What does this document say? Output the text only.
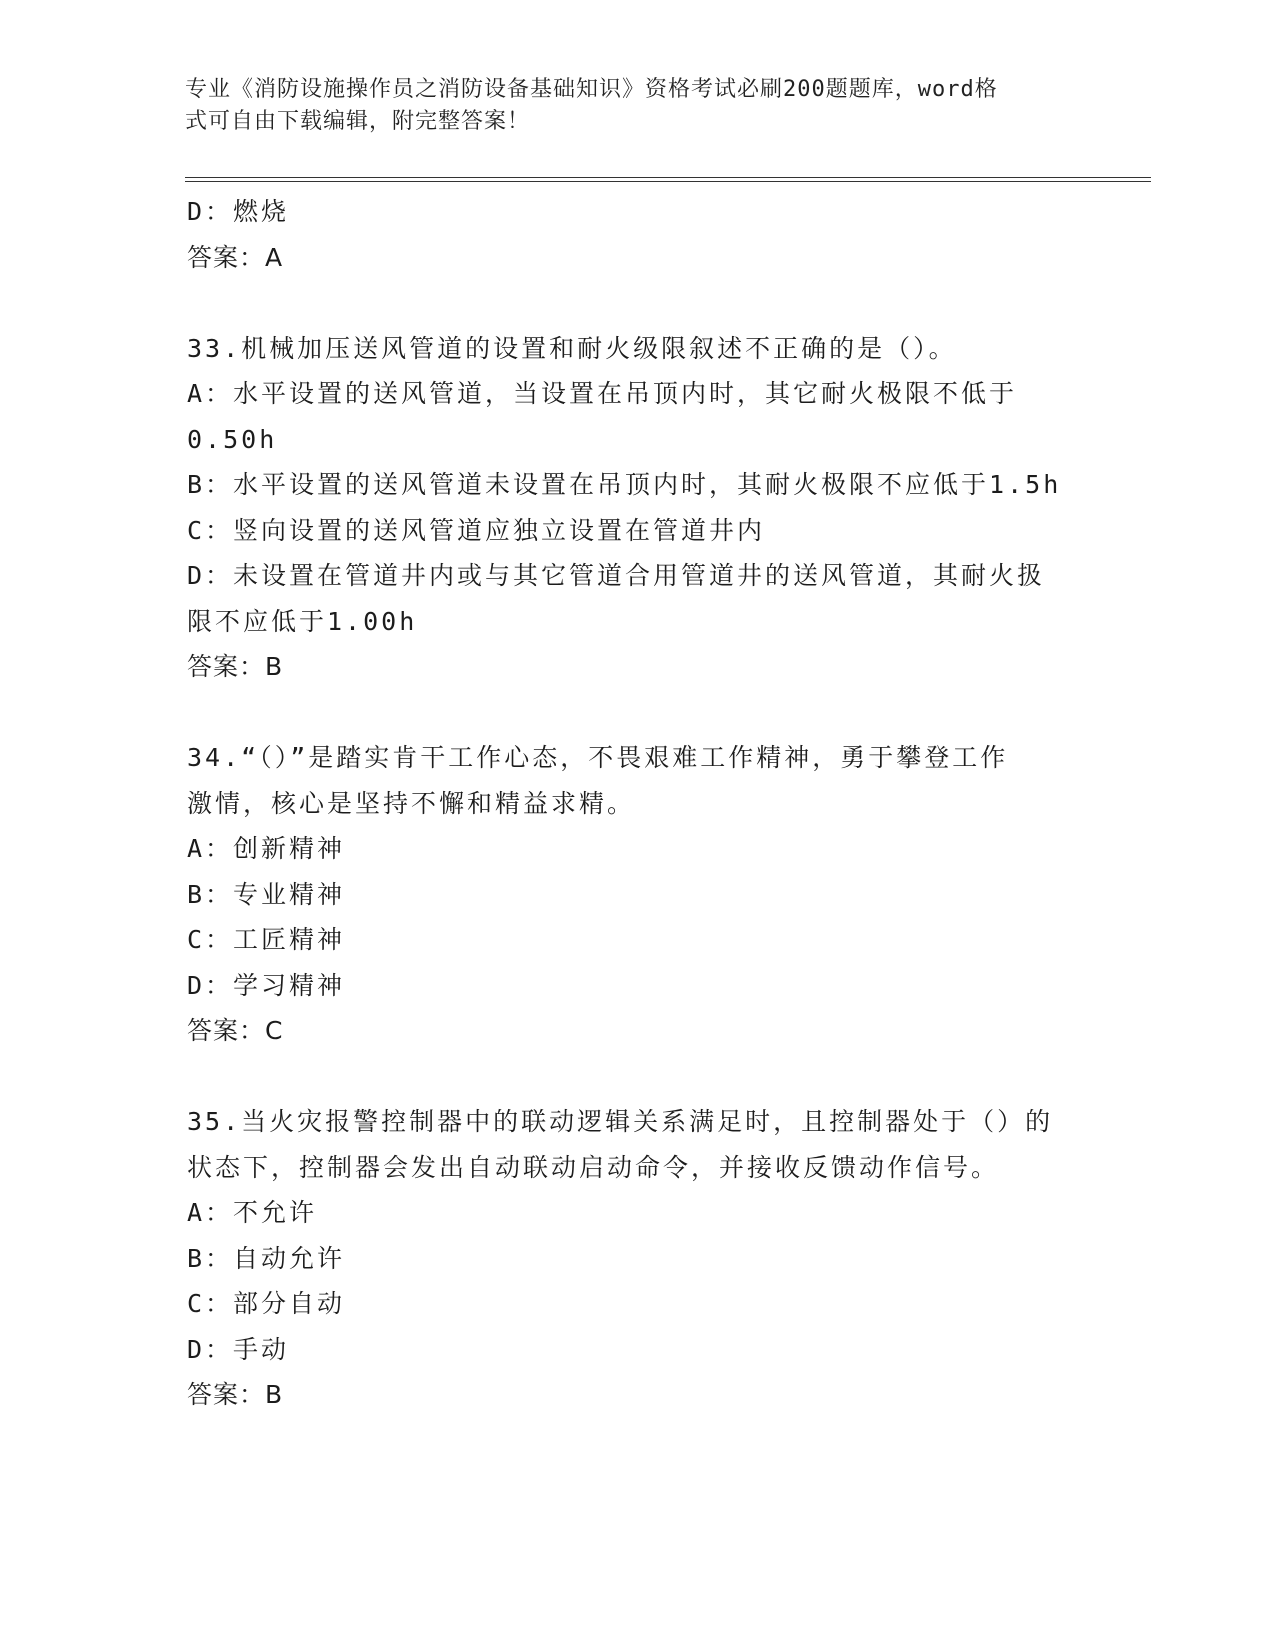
专业《消防设施操作员之消防设备基础知识》资格考试必刷200题题库，word格
式可自由下载编辑，附完整答案！
D：燃烧
答案：A
33.机械加压送风管道的设置和耐火级限叙述不正确的是（）。
A：水平设置的送风管道，当设置在吊顶内时，其它耐火极限不低于
0.50h
B：水平设置的送风管道未设置在吊顶内时，其耐火极限不应低于1.5h
C：竖向设置的送风管道应独立设置在管道井内
D：未设置在管道井内或与其它管道合用管道井的送风管道，其耐火扱
限不应低于1.00h
答案：B
34.“（）”是踏实肯干工作心态，不畏艰难工作精神，勇于攀登工作
激情，核心是坚持不懈和精益求精。
A：创新精神
B：专业精神
C：工匠精神
D：学习精神
答案：C
35.当火灾报警控制器中的联动逻辑关系满足时，且控制器处于（）的
状态下，控制器会发出自动联动启动命令，并接收反馈动作信号。
A：不允许
B：自动允许
C：部分自动
D：手动
答案：B
